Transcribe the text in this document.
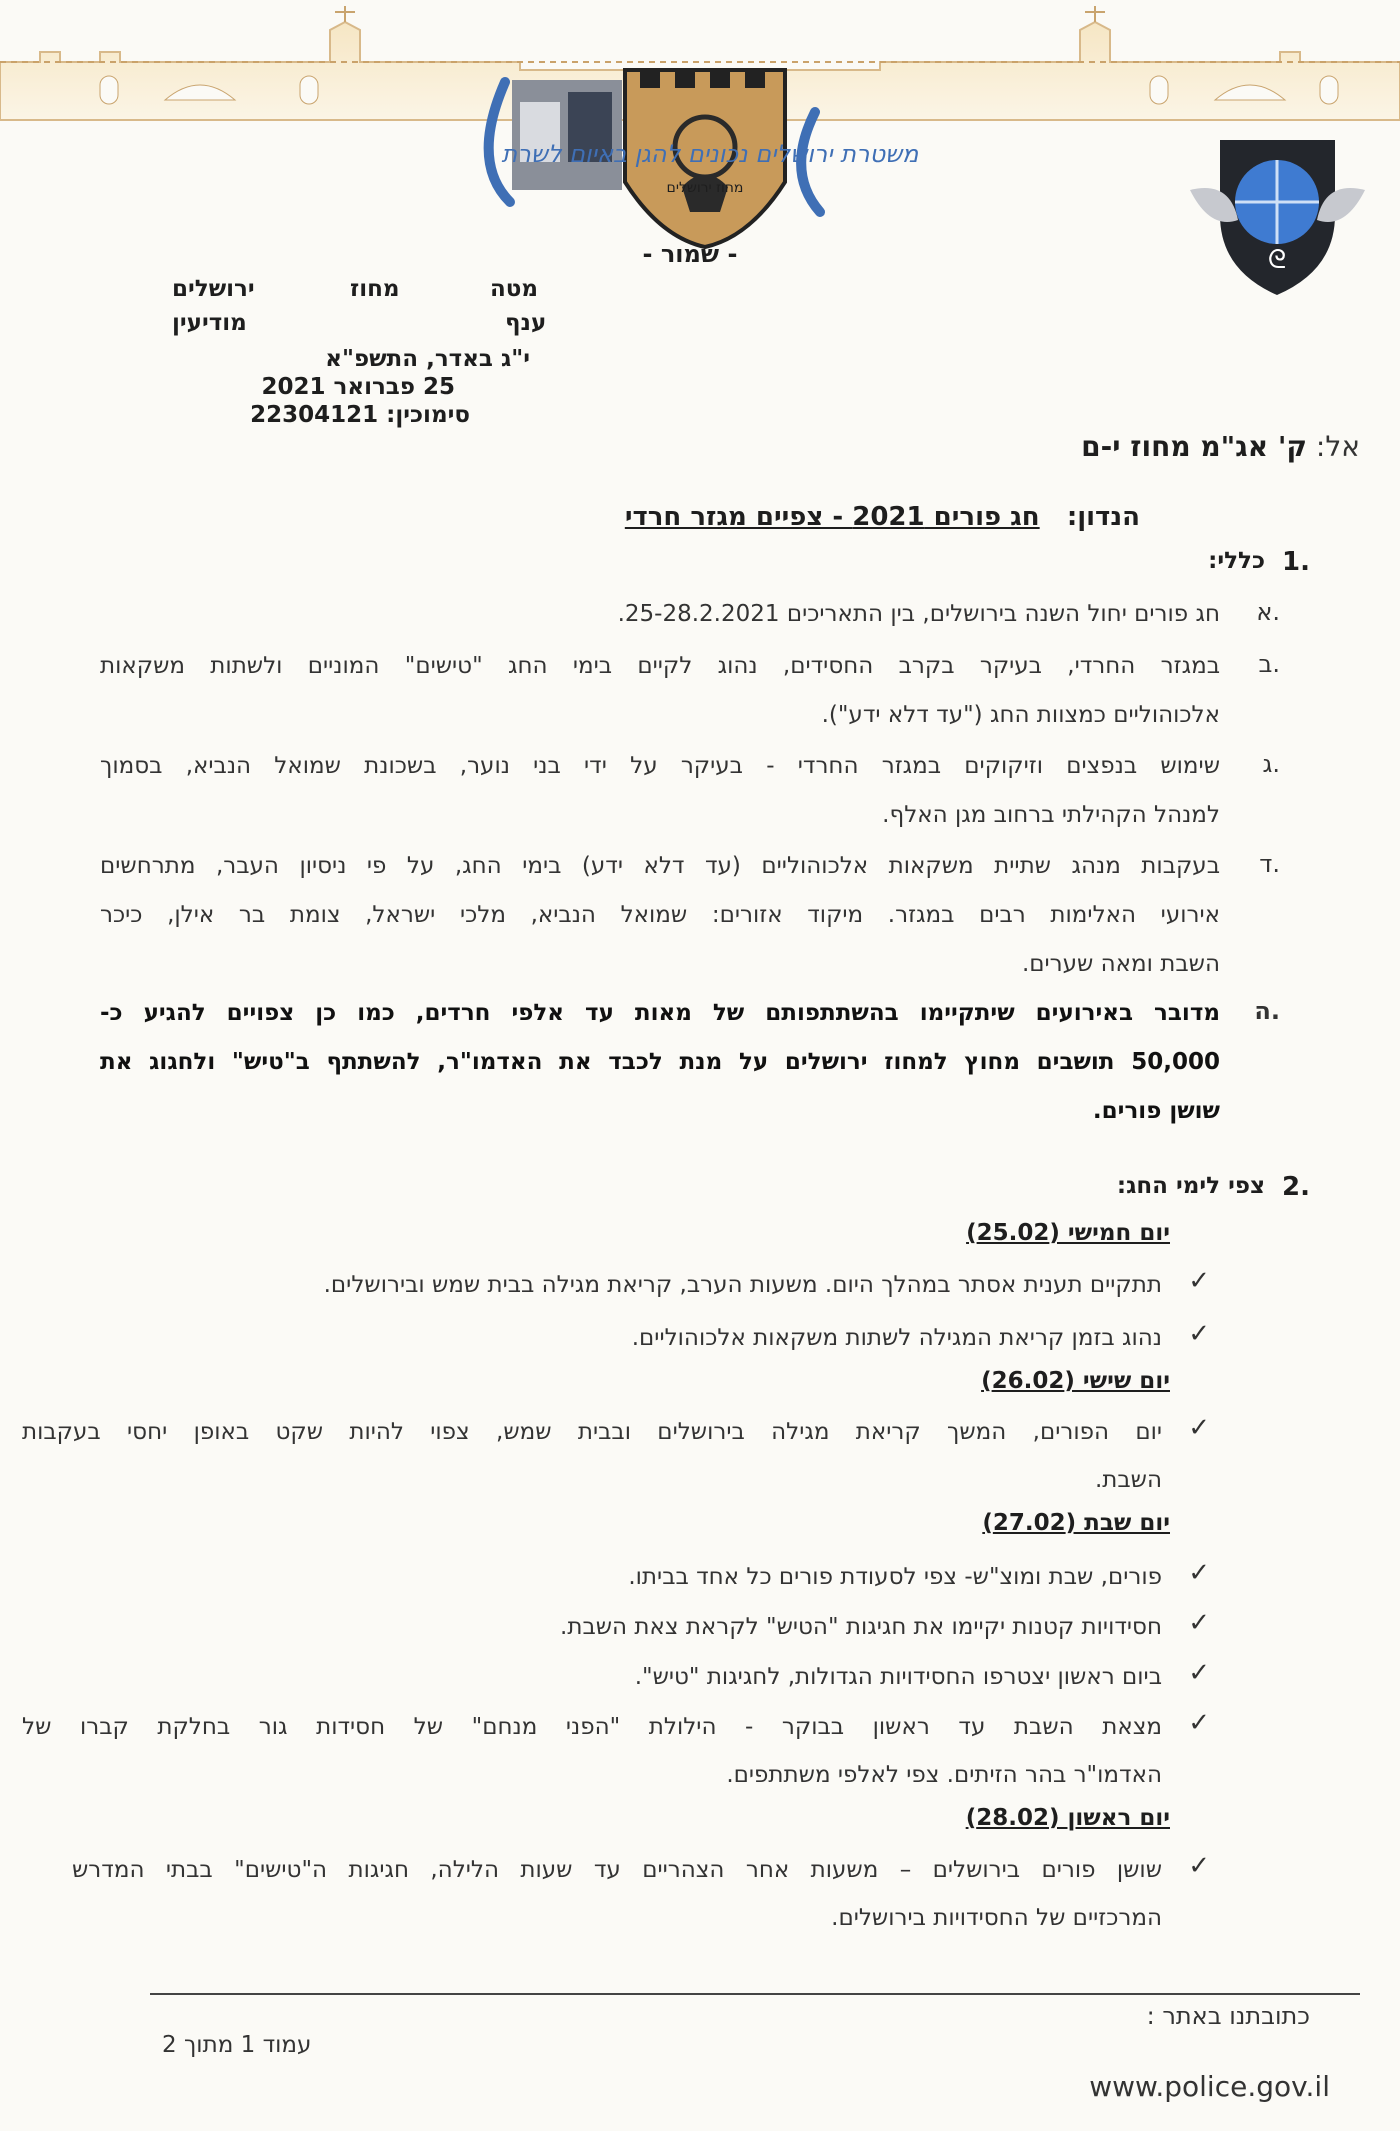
משטרת ירושלים נכונים להגן באיום לשרת
מחוז ירושלים
- שמור -	ᘓ
מטה
מחוז
ירושלים
ענף
מודיעין
י"ג באדר, התשפ"א
25 פברואר 2021
סימוכין: 22304121
אל: ק' אג"מ מחוז י-ם
הנדון:   חג פורים 2021 - צפיים מגזר חרדי
1.
כללי:
א.
חג פורים יחול השנה בירושלים, בין התאריכים 25-28.2.2021.
ב.
במגזר החרדי, בעיקר בקרב החסידים, נהוג לקיים בימי החג "טישים" המוניים ולשתות משקאות
אלכוהוליים כמצוות החג ("עד דלא ידע").
ג.
שימוש בנפצים וזיקוקים במגזר החרדי - בעיקר על ידי בני נוער, בשכונת שמואל הנביא, בסמוך
למנהל הקהילתי ברחוב מגן האלף.
ד.
בעקבות מנהג שתיית משקאות אלכוהוליים (עד דלא ידע) בימי החג, על פי ניסיון העבר, מתרחשים
אירועי האלימות רבים במגזר. מיקוד אזורים: שמואל הנביא, מלכי ישראל, צומת בר אילן, כיכר
השבת ומאה שערים.
ה.
מדובר באירועים שיתקיימו בהשתתפותם של מאות עד אלפי חרדים, כמו כן צפויים להגיע כ-
50,000 תושבים מחוץ למחוז ירושלים על מנת לכבד את האדמו"ר, להשתתף ב"טיש" ולחגוג את
שושן פורים.
2.
צפי לימי החג:
יום חמישי (25.02)
✓
תתקיים תענית אסתר במהלך היום. משעות הערב, קריאת מגילה בבית שמש ובירושלים.
✓
נהוג בזמן קריאת המגילה לשתות משקאות אלכוהוליים.
יום שישי (26.02)
✓
יום הפורים, המשך קריאת מגילה בירושלים ובבית שמש, צפוי להיות שקט באופן יחסי בעקבות
השבת.
יום שבת (27.02)
✓
פורים, שבת ומוצ"ש- צפי לסעודת פורים כל אחד בביתו.
✓
חסידויות קטנות יקיימו את חגיגות "הטיש" לקראת צאת השבת.
✓
ביום ראשון יצטרפו החסידויות הגדולות, לחגיגות "טיש".
✓
מצאת השבת עד ראשון בבוקר - הילולת "הפני מנחם" של חסידות גור בחלקת קברו של
האדמו"ר בהר הזיתים. צפי לאלפי משתתפים.
יום ראשון (28.02)
✓
שושן פורים בירושלים – משעות אחר הצהריים עד שעות הלילה, חגיגות ה"טישים" בבתי המדרש
המרכזיים של החסידויות בירושלים.
כתובתנו באתר :
עמוד 1 מתוך 2
www.police.gov.il
